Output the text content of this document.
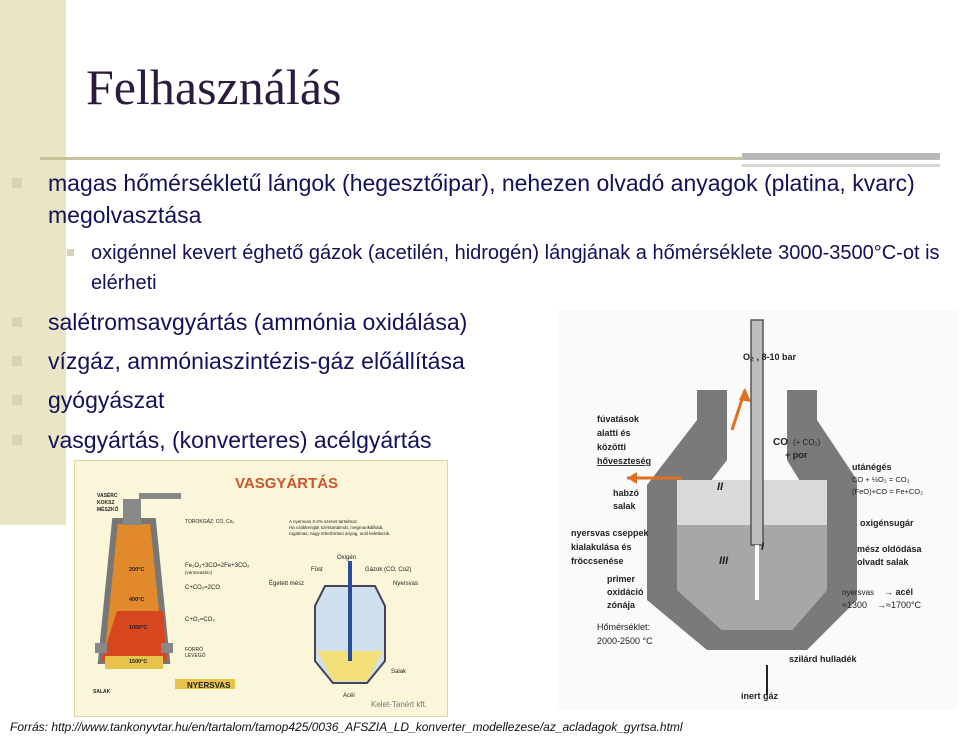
Felhasználás
magas hőmérsékletű lángok (hegesztőipar), nehezen olvadó anyagok (platina, kvarc) megolvasztása
oxigénnel kevert éghető gázok (acetilén, hidrogén) lángjának a hőmérséklete 3000-3500°C-ot is elérheti
salétromsavgyártás (ammónia oxidálása)
vízgáz, ammóniaszintézis-gáz előállítása
gyógyászat
vasgyártás, (konverteres) acélgyártás
VASGYÁRTÁS
VASÉRC
KOKSZ
MÉSZKŐ
TOROKGÁZ: CO, Co₂
Fe₂O₃+3CO=2Fe+3CO₂
(vörösvasérc)
C+CO₂=2CO
C+O₂=CO₂
200°C
400°C
1000°C
1500°C
FORRÓ
LEVEGŐ
SALAK
NYERSVAS
A nyersvas 3-4% szenet tartalmaz.
Ha csökkentjük széntartalmát, megmunkálhatá,
rugalmas, nagy teherbírású anyag, acél keletkezik.
Oxigén
Füst	Gázok (CO, Co2)
Égetett mész	Nyersvas
Salak
Acél
Kelet-Tanért kft.
O₂ , 8-10 bar
fúvatások
alatti és
közötti
hőveszteség
CO (+ CO₂)
+ por
utánégés
CO + ½O₂ = CO₂
(FeO)+CO = Fe+CO₂
habzó
salak
oxigénsugár
nyersvas cseppek
kialakulása és
fröccsenése
mész oldódása
olvadt salak
primer
oxidáció
zónája
nyersvas → acél
≈1300 →≈1700°C
Hőmérséklet:
2000-2500 °C
szilárd hulladék
inert gáz
II
I
III
Forrás: http://www.tankonyvtar.hu/en/tartalom/tamop425/0036_AFSZIA_LD_konverter_modellezese/az_acladagok_gyrtsa.html
